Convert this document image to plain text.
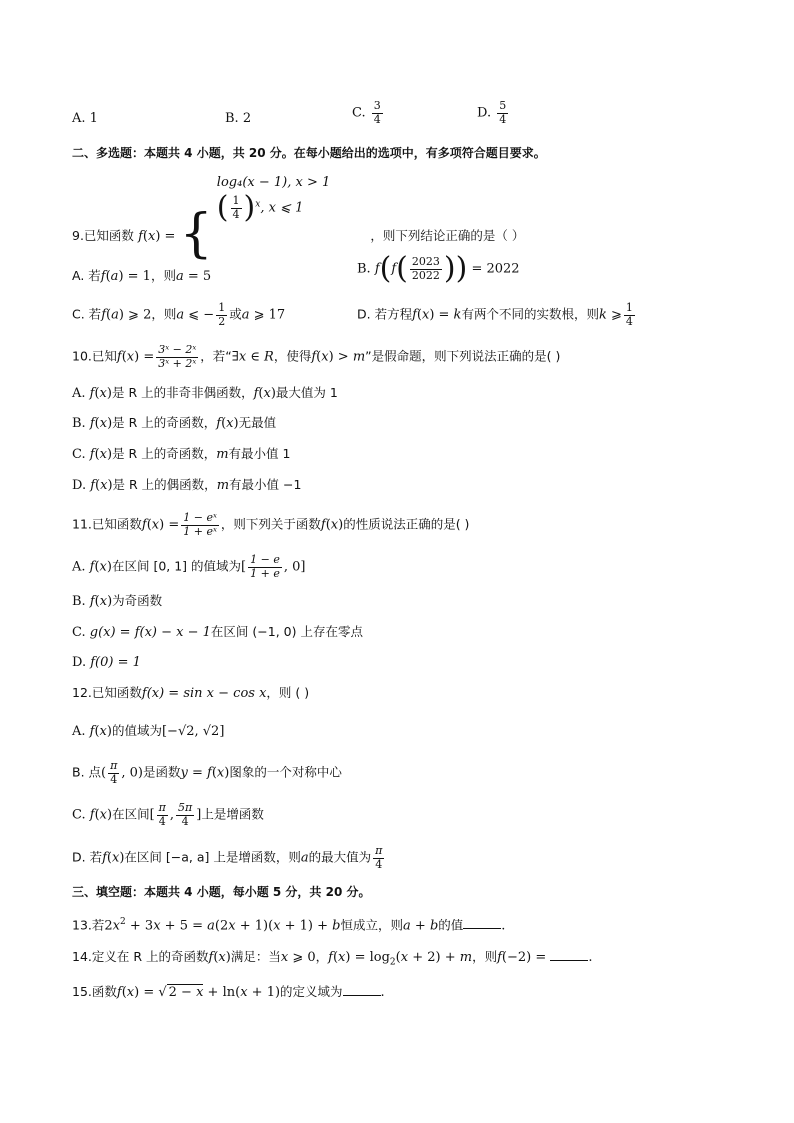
A. 1	B. 2	C. $\frac{3}{4}$	D. $\frac{5}{4}$
二、多选题：本题共 4 小题，共 20 分。在每小题给出的选项中，有多项符合题目要求。
9.已知函数 f(x) = {
log₄(x − 1), x > 1
( $\frac{1}{4} )^x$, x ⩽ 1
，则下列结论正确的是（ ）
A. 若f(a) = 1，则a = 5	B. $f(f( \frac{2023}{2022}$ )) = 2022
C. 若f(a) ⩾ 2，则a ⩽ − $\frac{1}{2}$ 或a ⩾ 17	D. 若方程f(x) = k有两个不同的实数根，则k ⩾ $\frac{1}{4}$
10.已知$f(x) = \frac{\text{3ˣ − 2ˣ}}{\text{3ˣ + 2ˣ}}$ ，若“∃x ∈ R，使得f(x) > m”是假命题，则下列说法正确的是( )
A. f(x)是 R 上的非奇非偶函数，f(x)最大值为 1
B. f(x)是 R 上的奇函数，f(x)无最值
C. f(x)是 R 上的奇函数，m有最小值 1
D. f(x)是 R 上的偶函数，m有最小值 −1
11.已知函数$f(x) = \frac{\text{1 − eˣ}}{\text{1 + eˣ}}$ ，则下列关于函数f(x)的性质说法正确的是( )
A. f(x)在区间 [0, 1] 的值域为[ $\frac{1 - e}{1 + e}$ , 0]
B. f(x)为奇函数
C. g(x) = f(x) − x − 1在区间 (−1, 0) 上存在零点
D. f(0) = 1
12.已知函数f(x) = sin x − cos x，则 ( )
A. f(x)的值域为[−√2, √2]
B. 点( $\frac{\pi}{4}$ , 0)是函数y = f(x)图象的一个对称中心
C. f(x)在区间[ $\frac{\pi}{4}$ , $\frac{5\pi}{4}$ ]上是增函数
D. 若f(x)在区间 [−a, a] 上是增函数，则a的最大值为 $\frac{\pi}{4}$
三、填空题：本题共 4 小题，每小题 5 分，共 20 分。
13.若$2x^2 + 3x + 5 = a(2x + 1)(x + 1) + b$恒成立，则a + b的值	.
14.定义在 R 上的奇函数f(x)满足：当x ⩾ 0，$f(x) = \log_2(x + 2) + m$，则f(−2) =	.
15.函数f(x) = √ 2 − x + ln(x + 1)的定义域为	.
